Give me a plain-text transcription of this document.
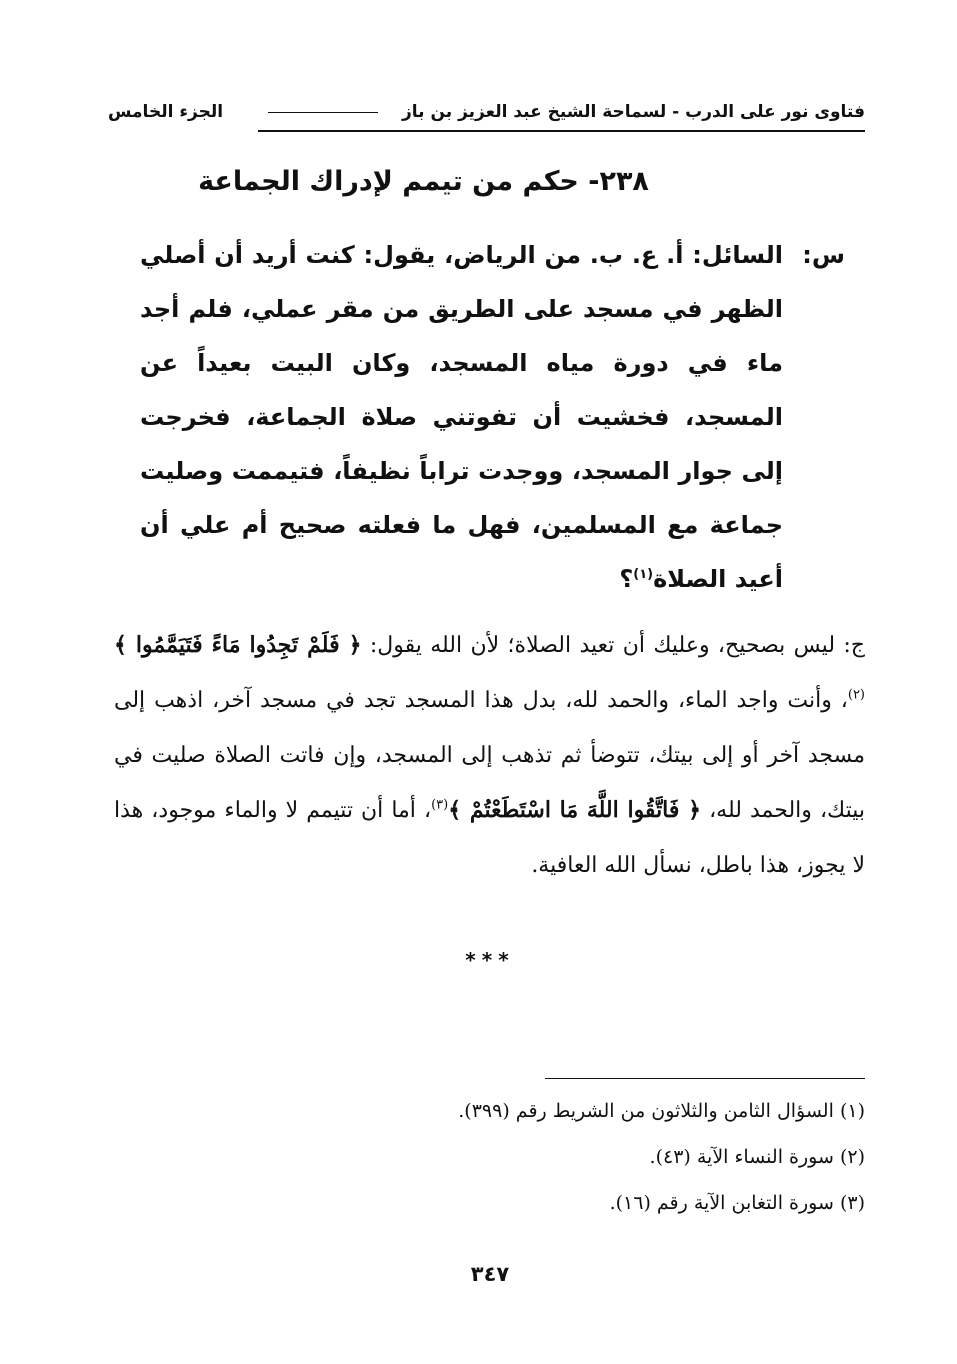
فتاوى نور على الدرب - لسماحة الشيخ عبد العزيز بن باز
الجزء الخامس
٢٣٨- حكم من تيمم لإدراك الجماعة
س:
السائل: أ. ع. ب. من الرياض، يقول: كنت أريد أن أصلي الظهر في مسجد على الطريق من مقر عملي، فلم أجد ماء في دورة مياه المسجد، وكان البيت بعيداً عن المسجد، فخشيت أن تفوتني صلاة الجماعة، فخرجت إلى جوار المسجد، ووجدت تراباً نظيفاً، فتيممت وصليت جماعة مع المسلمين، فهل ما فعلته صحيح أم علي أن أعيد الصلاة$^{(١)}$؟
ج: ليس بصحيح، وعليك أن تعيد الصلاة؛ لأن الله يقول: ﴿ فَلَمْ تَجِدُوا مَاءً فَتَيَمَّمُوا ﴾$^{(٢)}$، وأنت واجد الماء، والحمد لله، بدل هذا المسجد تجد في مسجد آخر، اذهب إلى مسجد آخر أو إلى بيتك، تتوضأ ثم تذهب إلى المسجد، وإن فاتت الصلاة صليت في بيتك، والحمد لله، ﴿ فَاتَّقُوا اللَّهَ مَا اسْتَطَعْتُمْ ﴾$^{(٣)}$، أما أن تتيمم لا والماء موجود، هذا لا يجوز، هذا باطل، نسأل الله العافية.
***
(١) السؤال الثامن والثلاثون من الشريط رقم (٣٩٩).
(٢) سورة النساء الآية (٤٣).
(٣) سورة التغابن الآية رقم (١٦).
٣٤٧
